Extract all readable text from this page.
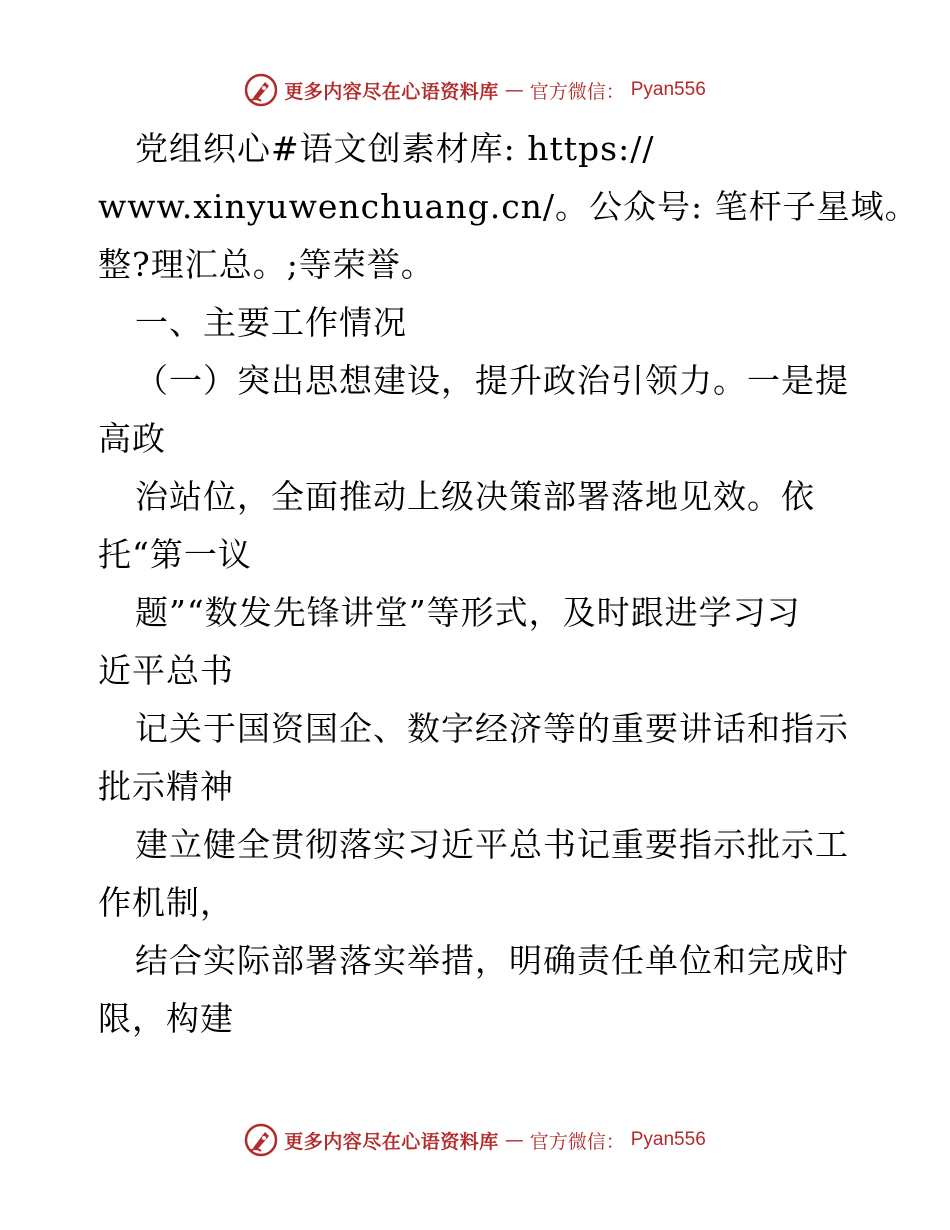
更多内容尽在心语资料库 — 官方微信： Pyan556
党组织心#语文创素材库: https://
www.xinyuwenchuang.cn/。公众号: 笔杆子星域。
整?理汇总。;等荣誉。
一、主要工作情况
（一）突出思想建设，提升政治引领力。一是提
高政
治站位，全面推动上级决策部署落地见效。依
托“第一议
题”“数发先锋讲堂”等形式，及时跟进学习习
近平总书
记关于国资国企、数字经济等的重要讲话和指示
批示精神
建立健全贯彻落实习近平总书记重要指示批示工
作机制，
结合实际部署落实举措，明确责任单位和完成时
限，构建
更多内容尽在心语资料库 — 官方微信： Pyan556
